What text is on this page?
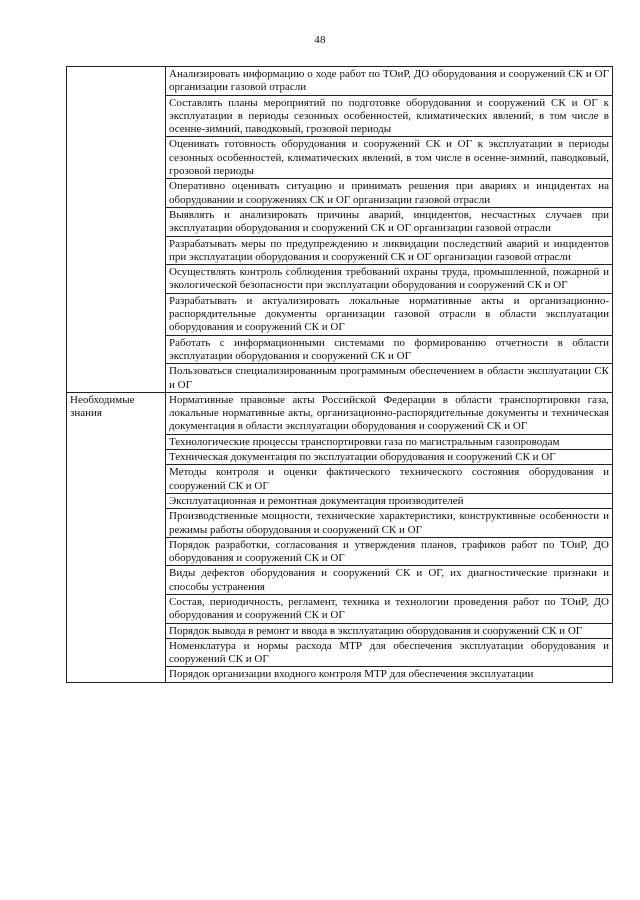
48
	Анализировать информацию о ходе работ по ТОиР, ДО оборудования и сооружений СК и ОГ организации газовой отрасли
	Составлять планы мероприятий по подготовке оборудования и сооружений СК и ОГ к эксплуатации в периоды сезонных особенностей, климатических явлений, в том числе в осенне-зимний, паводковый, грозовой периоды
	Оценивать готовность оборудования и сооружений СК и ОГ к эксплуатации в периоды сезонных особенностей, климатических явлений, в том числе в осенне-зимний, паводковый, грозовой периоды
	Оперативно оценивать ситуацию и принимать решения при авариях и инцидентах на оборудовании и сооружениях СК и ОГ организации газовой отрасли
	Выявлять и анализировать причины аварий, инцидентов, несчастных случаев при эксплуатации оборудования и сооружений СК и ОГ организации газовой отрасли
	Разрабатывать меры по предупреждению и ликвидации последствий аварий и инцидентов при эксплуатации оборудования и сооружений СК и ОГ организации газовой отрасли
	Осуществлять контроль соблюдения требований охраны труда, промышленной, пожарной и экологической безопасности при эксплуатации оборудования и сооружений СК и ОГ
	Разрабатывать и актуализировать локальные нормативные акты и организационно-распорядительные документы организации газовой отрасли в области эксплуатации оборудования и сооружений СК и ОГ
	Работать с информационными системами по формированию отчетности в области эксплуатации оборудования и сооружений СК и ОГ
	Пользоваться специализированным программным обеспечением в области эксплуатации СК и ОГ
Необходимые знания	Нормативные правовые акты Российской Федерации в области транспортировки газа, локальные нормативные акты, организационно-распорядительные документы и техническая документация в области эксплуатации оборудования и сооружений СК и ОГ
	Технологические процессы транспортировки газа по магистральным газопроводам
	Техническая документация по эксплуатации оборудования и сооружений СК и ОГ
	Методы контроля и оценки фактического технического состояния оборудования и сооружений СК и ОГ
	Эксплуатационная и ремонтная документация производителей
	Производственные мощности, технические характеристики, конструктивные особенности и режимы работы оборудования и сооружений СК и ОГ
	Порядок разработки, согласования и утверждения планов, графиков работ по ТОиР, ДО оборудования и сооружений СК и ОГ
	Виды дефектов оборудования и сооружений СК и ОГ, их диагностические признаки и способы устранения
	Состав, периодичность, регламент, техника и технологии проведения работ по ТОиР, ДО оборудования и сооружений СК и ОГ
	Порядок вывода в ремонт и ввода в эксплуатацию оборудования и сооружений СК и ОГ
	Номенклатура и нормы расхода МТР для обеспечения эксплуатации оборудования и сооружений СК и ОГ
	Порядок организации входного контроля МТР для обеспечения эксплуатации
